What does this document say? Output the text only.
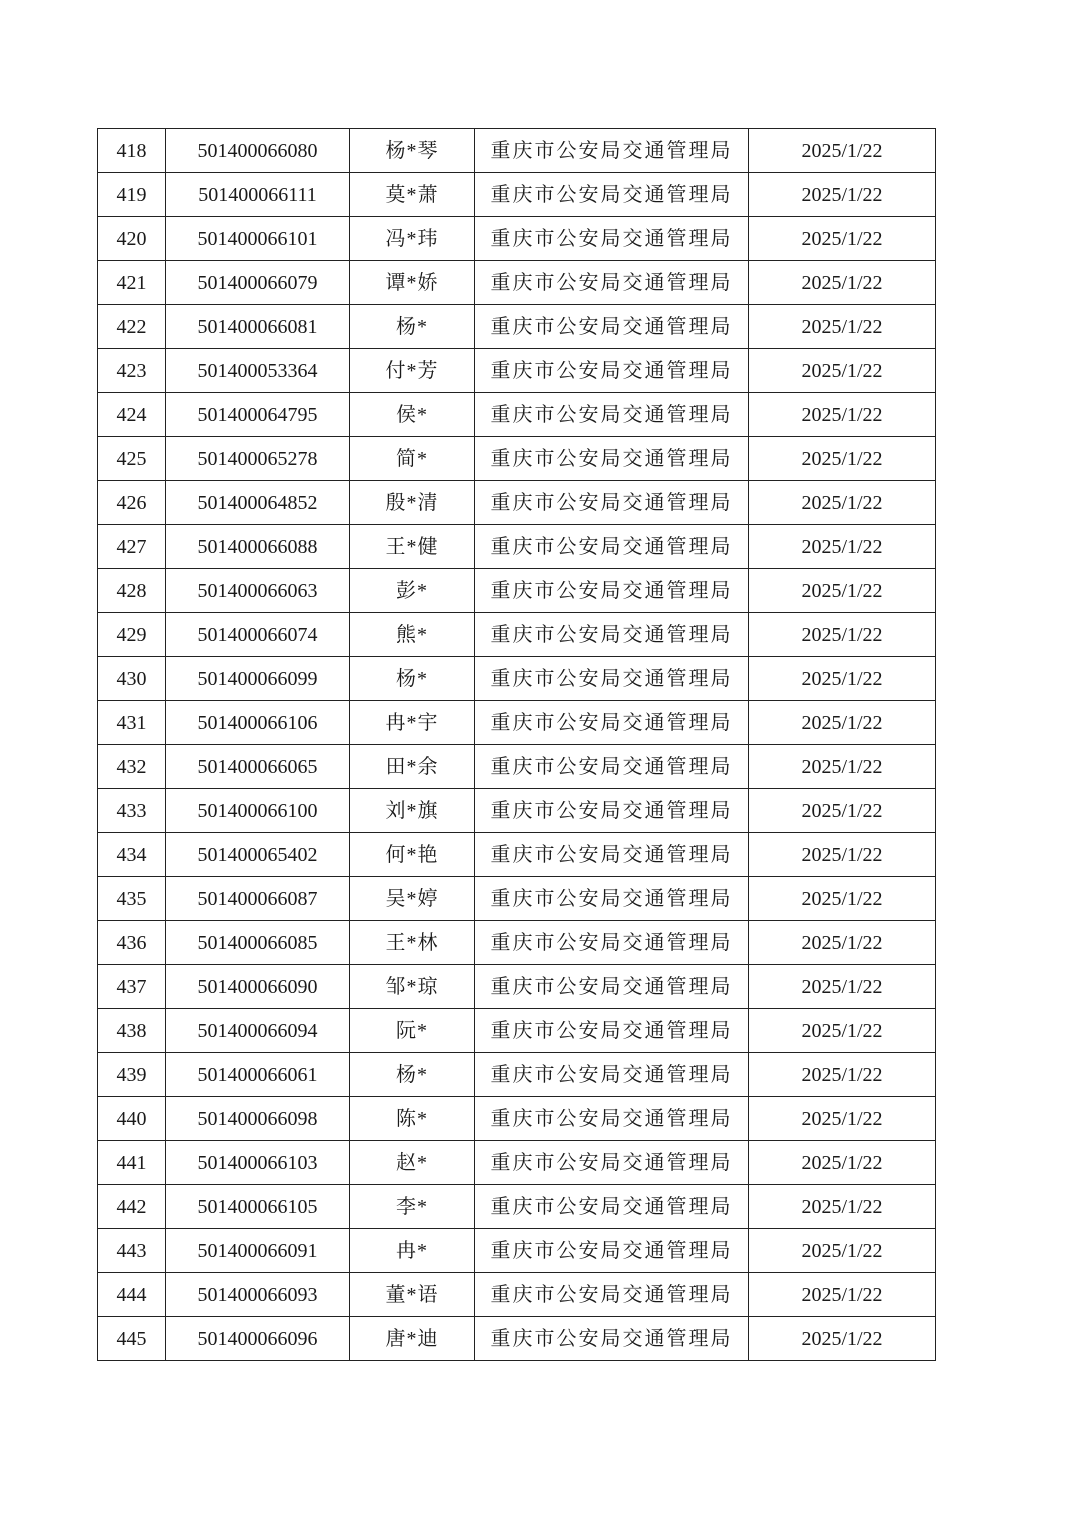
418	501400066080	杨*琴	重庆市公安局交通管理局	2025/1/22
419	501400066111	莫*萧	重庆市公安局交通管理局	2025/1/22
420	501400066101	冯*玮	重庆市公安局交通管理局	2025/1/22
421	501400066079	谭*娇	重庆市公安局交通管理局	2025/1/22
422	501400066081	杨*	重庆市公安局交通管理局	2025/1/22
423	501400053364	付*芳	重庆市公安局交通管理局	2025/1/22
424	501400064795	侯*	重庆市公安局交通管理局	2025/1/22
425	501400065278	简*	重庆市公安局交通管理局	2025/1/22
426	501400064852	殷*清	重庆市公安局交通管理局	2025/1/22
427	501400066088	王*健	重庆市公安局交通管理局	2025/1/22
428	501400066063	彭*	重庆市公安局交通管理局	2025/1/22
429	501400066074	熊*	重庆市公安局交通管理局	2025/1/22
430	501400066099	杨*	重庆市公安局交通管理局	2025/1/22
431	501400066106	冉*宇	重庆市公安局交通管理局	2025/1/22
432	501400066065	田*余	重庆市公安局交通管理局	2025/1/22
433	501400066100	刘*旗	重庆市公安局交通管理局	2025/1/22
434	501400065402	何*艳	重庆市公安局交通管理局	2025/1/22
435	501400066087	吴*婷	重庆市公安局交通管理局	2025/1/22
436	501400066085	王*林	重庆市公安局交通管理局	2025/1/22
437	501400066090	邹*琼	重庆市公安局交通管理局	2025/1/22
438	501400066094	阮*	重庆市公安局交通管理局	2025/1/22
439	501400066061	杨*	重庆市公安局交通管理局	2025/1/22
440	501400066098	陈*	重庆市公安局交通管理局	2025/1/22
441	501400066103	赵*	重庆市公安局交通管理局	2025/1/22
442	501400066105	李*	重庆市公安局交通管理局	2025/1/22
443	501400066091	冉*	重庆市公安局交通管理局	2025/1/22
444	501400066093	董*语	重庆市公安局交通管理局	2025/1/22
445	501400066096	唐*迪	重庆市公安局交通管理局	2025/1/22
